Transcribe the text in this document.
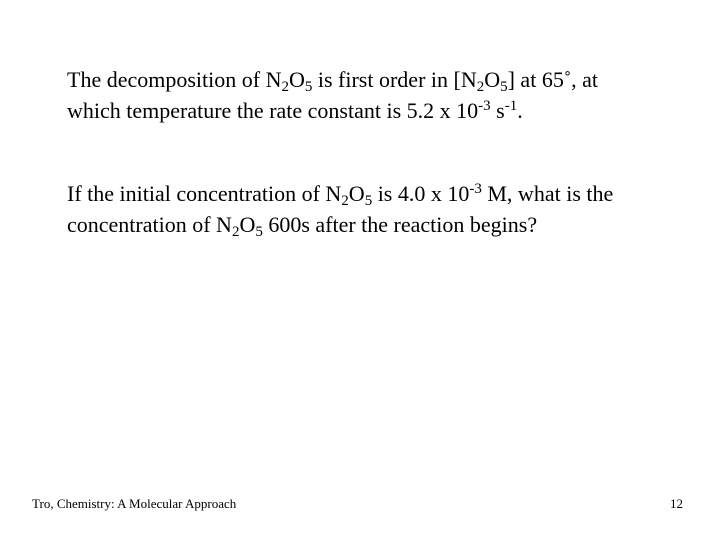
The decomposition of $N_2O_5$ is first order in $[N_2O_5]$ at 65˚, at which temperature the rate constant is 5.2 x $10^{-3}$ $s^{-1}$.

If the initial concentration of $N_2O_5$ is 4.0 x $10^{-3}$ M, what is the concentration of $N_2O_5$ 600s after the reaction begins?

Tro, Chemistry: A Molecular Approach	12
